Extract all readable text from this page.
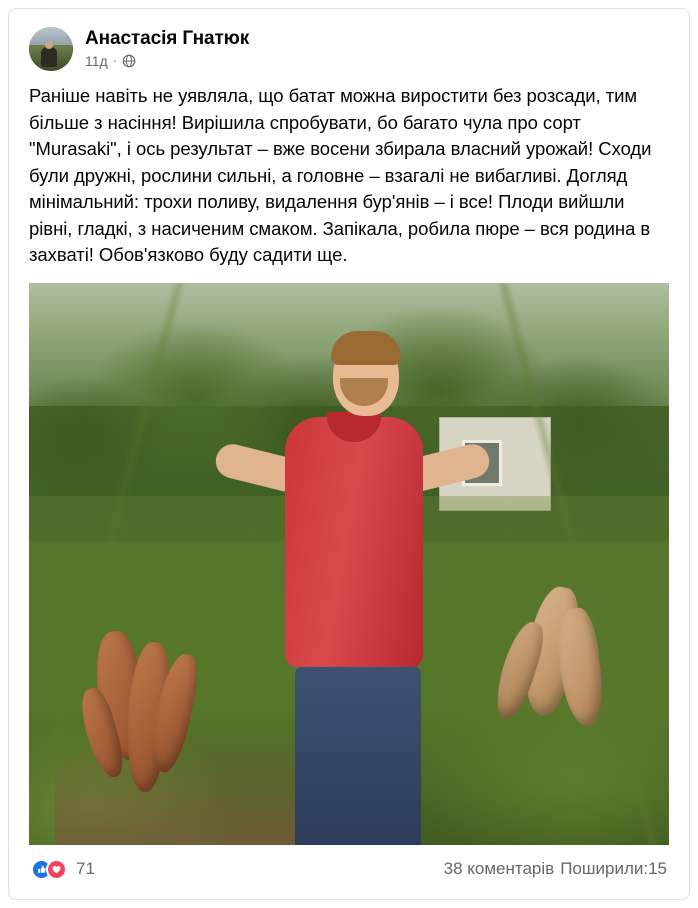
Анастасія Гнатюк
11д ·
Раніше навіть не уявляла, що батат можна виростити без розсади, тим більше з насіння! Вирішила спробувати, бо багато чула про сорт "Murasaki", і ось результат – вже восени збирала власний урожай! Сходи були дружні, рослини сильні, а головне – взагалі не вибагливі. Догляд мінімальний: трохи поливу, видалення бур'янів – і все! Плоди вийшли рівні, гладкі, з насиченим смаком. Запікала, робила пюре – вся родина в захваті! Обов'язково буду садити ще.
71	38 коментарів Поширили:15
